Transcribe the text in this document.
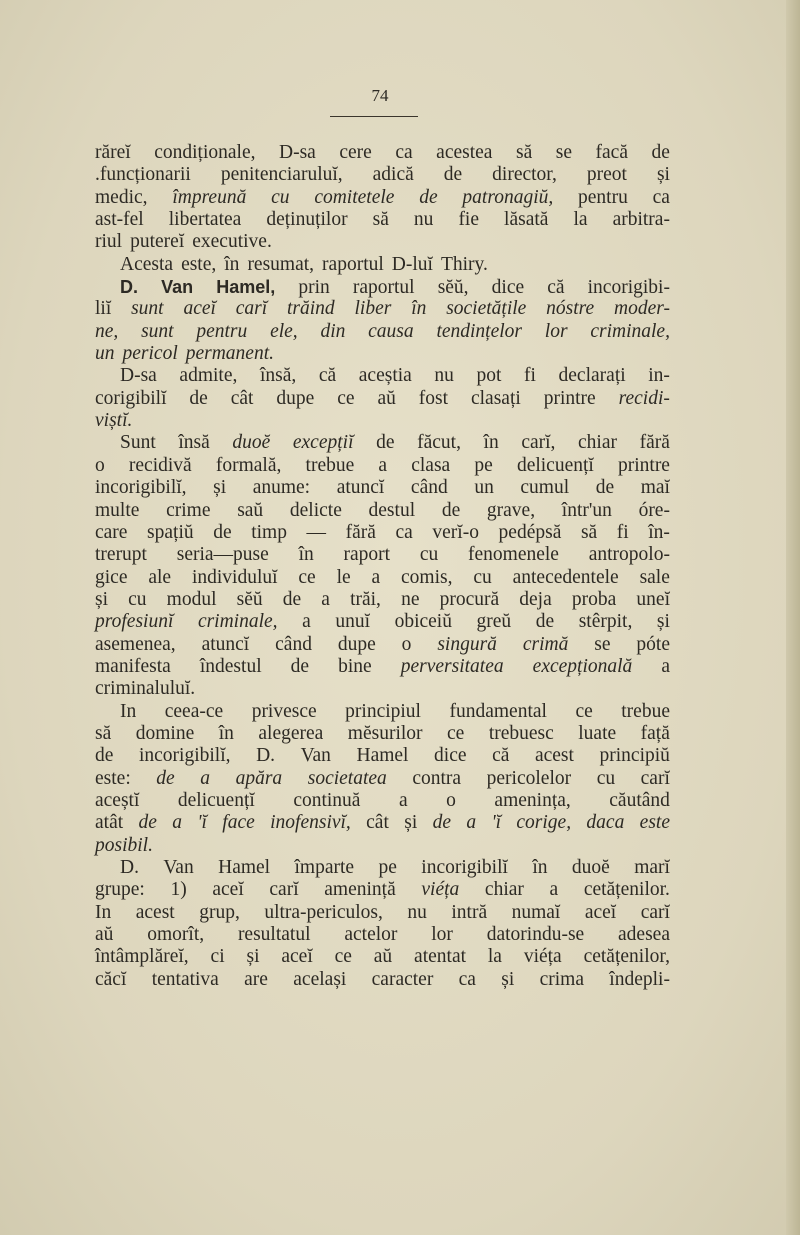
74
răreĭ condiționale, D-sa cere ca acestea să se facă de
.funcționarii penitenciaruluĭ, adică de director, preot și
medic, împreună cu comitetele de patronagiŭ, pentru ca
ast-fel libertatea deținuților să nu fie lăsată la arbitra-
riul putereĭ executive.
Acesta este, în resumat, raportul D-luĭ Thiry.
D. Van Hamel, prin raportul sĕŭ, dice că incorigibi-
liĭ sunt aceĭ carĭ trăind liber în societățile nóstre moder-
ne, sunt pentru ele, din causa tendințelor lor criminale,
un pericol permanent.
D-sa admite, însă, că aceștia nu pot fi declarați in-
corigibilĭ de cât dupe ce aŭ fost clasați printre recidi-
viștĭ.
Sunt însă duoĕ excepțiĭ de făcut, în carĭ, chiar fără
o recidivă formală, trebue a clasa pe delicuențĭ printre
incorigibilĭ, și anume: atuncĭ când un cumul de maĭ
multe crime saŭ delicte destul de grave, într'un óre-
care spațiŭ de timp — fără ca verĭ-o pedépsă să fi în-
trerupt seria—puse în raport cu fenomenele antropolo-
gice ale individuluĭ ce le a comis, cu antecedentele sale
și cu modul sĕŭ de a trăi, ne procură deja proba uneĭ
profesiunĭ criminale, a unuĭ obiceiŭ greŭ de stêrpit, și
asemenea, atuncĭ când dupe o singură crimă se póte
manifesta îndestul de bine perversitatea excepțională a
criminaluluĭ.
In ceea-ce privesce principiul fundamental ce trebue
să domine în alegerea mĕsurilor ce trebuesc luate față
de incorigibilĭ, D. Van Hamel dice că acest principiŭ
este: de a apăra societatea contra pericolelor cu carĭ
aceștĭ delicuențĭ continuă a o amenința, căutând
atât de a 'ĭ face inofensivĭ, cât și de a 'ĭ corige, daca este
posibil.
D. Van Hamel împarte pe incorigibilĭ în duoĕ marĭ
grupe: 1) aceĭ carĭ amenință viéța chiar a cetățenilor.
In acest grup, ultra-periculos, nu intră numaĭ aceĭ carĭ
aŭ omorît, resultatul actelor lor datorindu-se adesea
întâmplăreĭ, ci și aceĭ ce aŭ atentat la viéța cetățenilor,
căcĭ tentativa are același caracter ca și crima îndepli-
